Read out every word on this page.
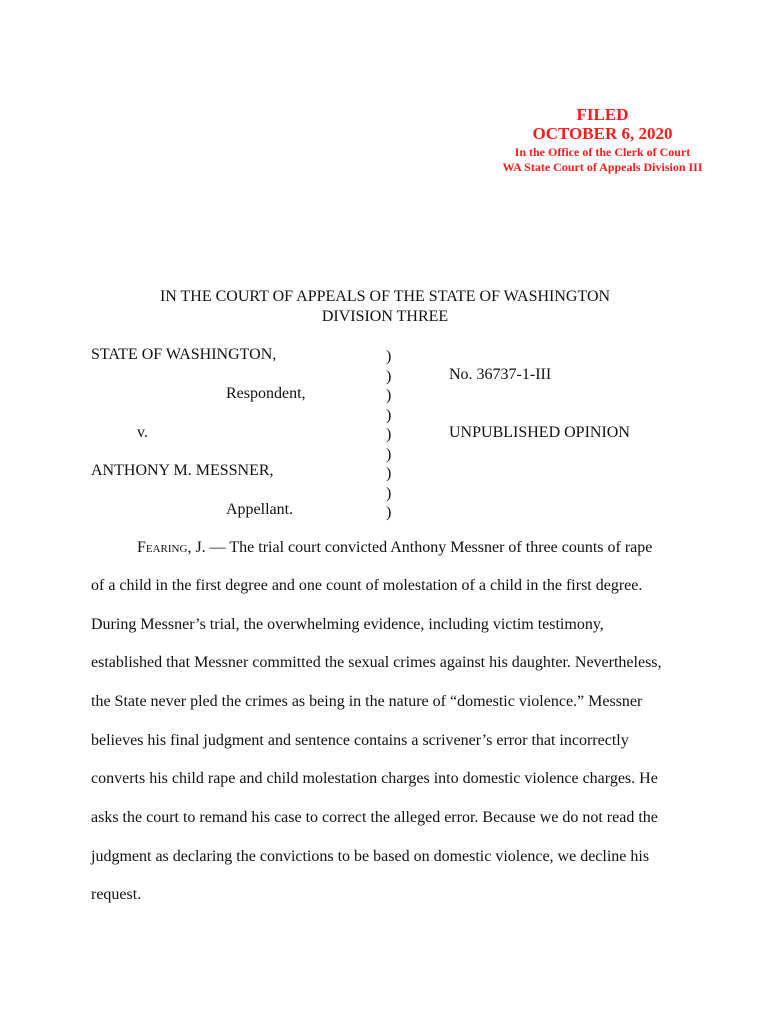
FILED
OCTOBER 6, 2020
In the Office of the Clerk of Court
WA State Court of Appeals Division III
IN THE COURT OF APPEALS OF THE STATE OF WASHINGTON
DIVISION THREE
STATE OF WASHINGTON,
Respondent,
v.
ANTHONY M. MESSNER,
Appellant.
)
)
)
)
)
)
)
)
)
No. 36737-1-III
UNPUBLISHED OPINION
Fearing, J. — The trial court convicted Anthony Messner of three counts of rape
of a child in the first degree and one count of molestation of a child in the first degree.
During Messner’s trial, the overwhelming evidence, including victim testimony,
established that Messner committed the sexual crimes against his daughter. Nevertheless,
the State never pled the crimes as being in the nature of “domestic violence.” Messner
believes his final judgment and sentence contains a scrivener’s error that incorrectly
converts his child rape and child molestation charges into domestic violence charges. He
asks the court to remand his case to correct the alleged error. Because we do not read the
judgment as declaring the convictions to be based on domestic violence, we decline his
request.
